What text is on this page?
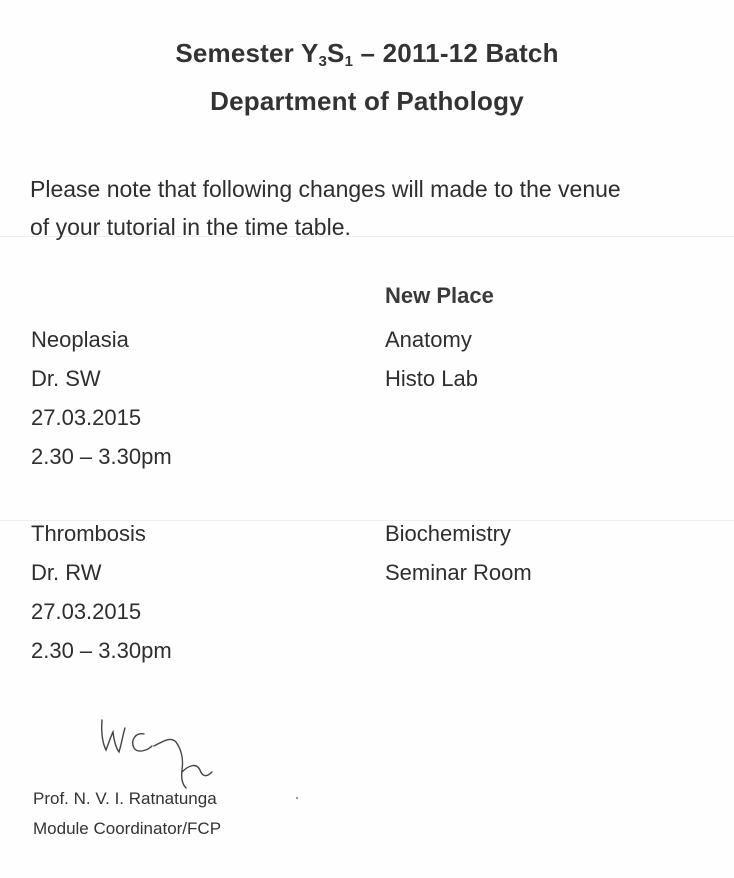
Semester $Y_3S_1 - 2011-12$ Batch
Department of Pathology
Please note that following changes will made to the venue
of your tutorial in the time table.
New Place
Neoplasia
Dr. SW
27.03.2015
2.30 – 3.30pm
Anatomy
Histo Lab
Thrombosis
Dr. RW
27.03.2015
2.30 – 3.30pm
Biochemistry
Seminar Room
Prof. N. V. I. Ratnatunga
Module Coordinator/FCP
